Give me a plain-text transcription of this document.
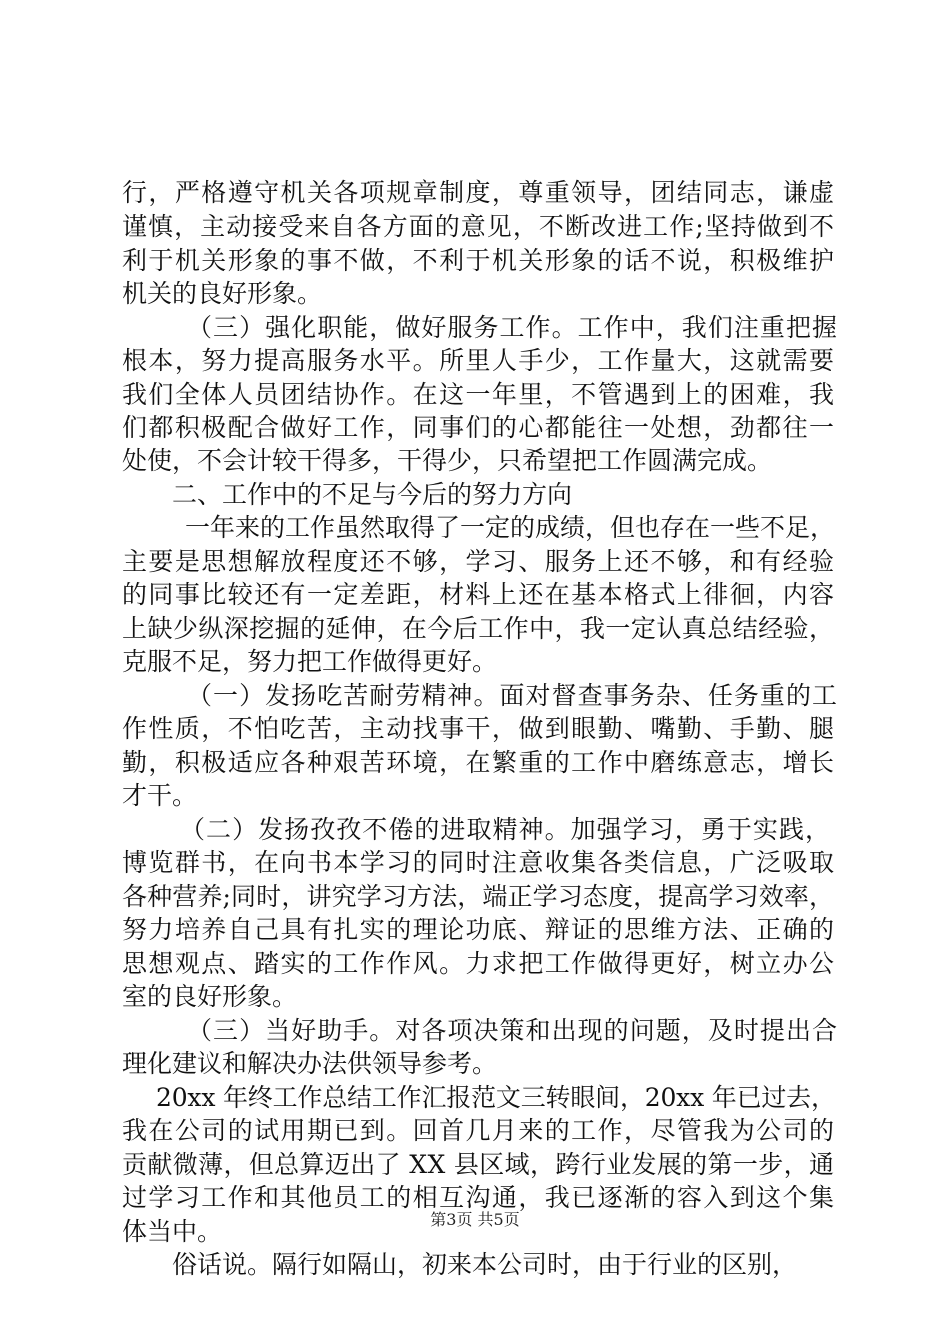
行，严格遵守机关各项规章制度，尊重领导，团结同志，谦虚
谨慎，主动接受来自各方面的意见，不断改进工作;坚持做到不
利于机关形象的事不做，不利于机关形象的话不说，积极维护
机关的良好形象。
（三）强化职能，做好服务工作。工作中，我们注重把握
根本，努力提高服务水平。所里人手少，工作量大，这就需要
我们全体人员团结协作。在这一年里，不管遇到上的困难，我
们都积极配合做好工作，同事们的心都能往一处想，劲都往一
处使，不会计较干得多，干得少，只希望把工作圆满完成。
二、工作中的不足与今后的努力方向
一年来的工作虽然取得了一定的成绩，但也存在一些不足，
主要是思想解放程度还不够，学习、服务上还不够，和有经验
的同事比较还有一定差距，材料上还在基本格式上徘徊，内容
上缺少纵深挖掘的延伸，在今后工作中，我一定认真总结经验，
克服不足，努力把工作做得更好。
（一）发扬吃苦耐劳精神。面对督查事务杂、任务重的工
作性质，不怕吃苦，主动找事干，做到眼勤、嘴勤、手勤、腿
勤，积极适应各种艰苦环境，在繁重的工作中磨练意志，增长
才干。
（二）发扬孜孜不倦的进取精神。加强学习，勇于实践，
博览群书，在向书本学习的同时注意收集各类信息，广泛吸取
各种营养;同时，讲究学习方法，端正学习态度，提高学习效率，
努力培养自己具有扎实的理论功底、辩证的思维方法、正确的
思想观点、踏实的工作作风。力求把工作做得更好，树立办公
室的良好形象。
（三）当好助手。对各项决策和出现的问题，及时提出合
理化建议和解决办法供领导参考。
20xx 年终工作总结工作汇报范文三转眼间，20xx 年已过去，
我在公司的试用期已到。回首几月来的工作，尽管我为公司的
贡献微薄，但总算迈出了 XX 县区域，跨行业发展的第一步，通
过学习工作和其他员工的相互沟通，我已逐渐的容入到这个集
体当中。
俗话说。隔行如隔山，初来本公司时，由于行业的区别，
第3页 共5页
